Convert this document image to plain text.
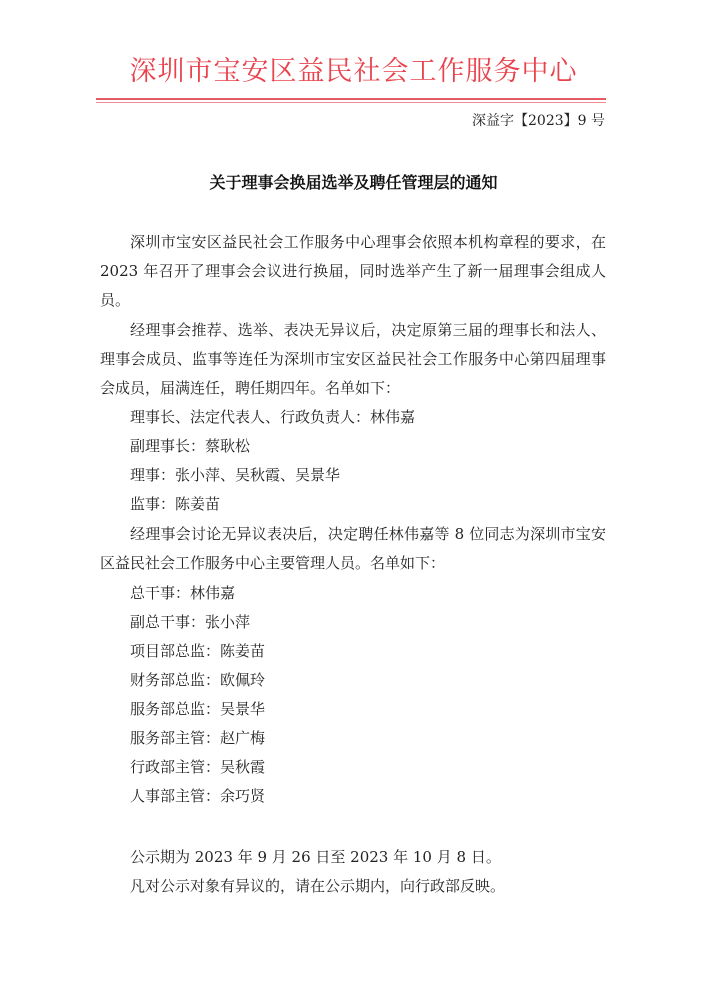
深圳市宝安区益民社会工作服务中心
深益字【2023】9 号
关于理事会换届选举及聘任管理层的通知

深圳市宝安区益民社会工作服务中心理事会依照本机构章程的要求，在 2023 年召开了理事会会议进行换届，同时选举产生了新一届理事会组成人员。

经理事会推荐、选举、表决无异议后，决定原第三届的理事长和法人、理事会成员、监事等连任为深圳市宝安区益民社会工作服务中心第四届理事会成员，届满连任，聘任期四年。名单如下：

理事长、法定代表人、行政负责人：林伟嘉

副理事长：蔡耿松

理事：张小萍、吴秋霞、吴景华

监事：陈姜苗

经理事会讨论无异议表决后，决定聘任林伟嘉等 8 位同志为深圳市宝安区益民社会工作服务中心主要管理人员。名单如下：

总干事：林伟嘉

副总干事：张小萍

项目部总监：陈姜苗

财务部总监：欧佩玲

服务部总监：吴景华

服务部主管：赵广梅

行政部主管：吴秋霞

人事部主管：余巧贤

公示期为 2023 年 9 月 26 日至 2023 年 10 月 8 日。

凡对公示对象有异议的，请在公示期内，向行政部反映。
